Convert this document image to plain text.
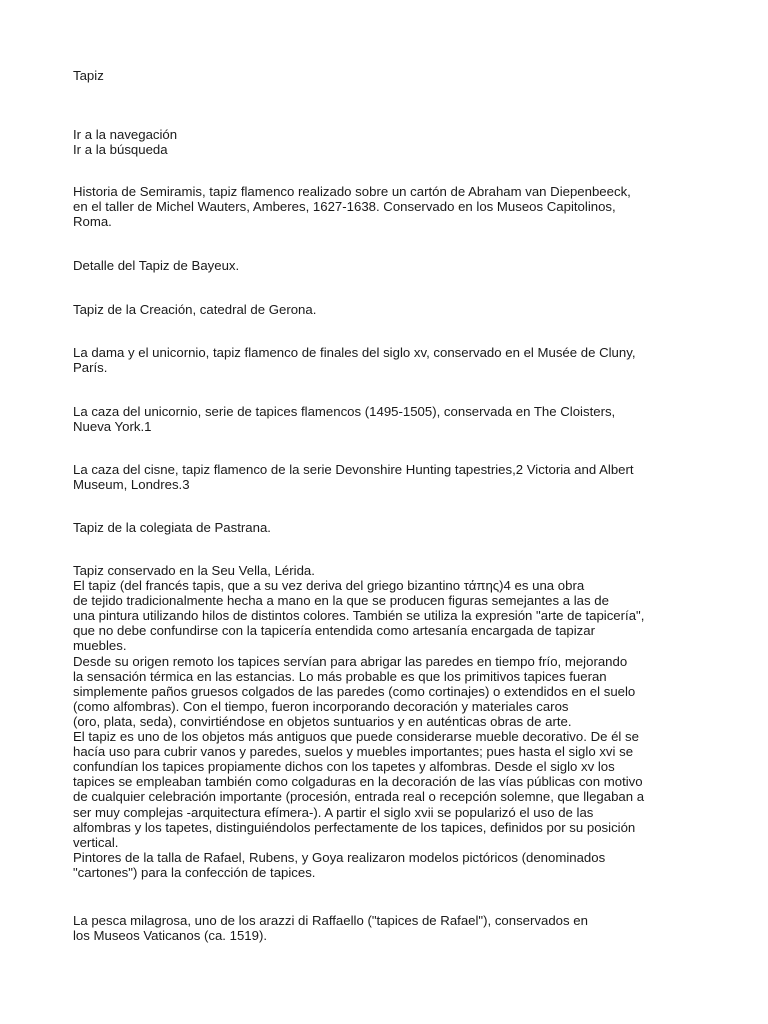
Tapiz

Ir a la navegación
Ir a la búsqueda

Historia de Semiramis, tapiz flamenco realizado sobre un cartón de Abraham van Diepenbeeck,
en el taller de Michel Wauters, Amberes, 1627-1638. Conservado en los Museos Capitolinos,
Roma.

Detalle del Tapiz de Bayeux.

Tapiz de la Creación, catedral de Gerona.

La dama y el unicornio, tapiz flamenco de finales del siglo xv, conservado en el Musée de Cluny,
París.

La caza del unicornio, serie de tapices flamencos (1495-1505), conservada en The Cloisters,
Nueva York.1

La caza del cisne, tapiz flamenco de la serie Devonshire Hunting tapestries,2 Victoria and Albert
Museum, Londres.3

Tapiz de la colegiata de Pastrana.

Tapiz conservado en la Seu Vella, Lérida.
El tapiz (del francés tapis, que a su vez deriva del griego bizantino τάπης)4 es una obra
de tejido tradicionalmente hecha a mano en la que se producen figuras semejantes a las de
una pintura utilizando hilos de distintos colores. También se utiliza la expresión "arte de tapicería",
que no debe confundirse con la tapicería entendida como artesanía encargada de tapizar
muebles.
Desde su origen remoto los tapices servían para abrigar las paredes en tiempo frío, mejorando
la sensación térmica en las estancias. Lo más probable es que los primitivos tapices fueran
simplemente paños gruesos colgados de las paredes (como cortinajes) o extendidos en el suelo
(como alfombras). Con el tiempo, fueron incorporando decoración y materiales caros
(oro, plata, seda), convirtiéndose en objetos suntuarios y en auténticas obras de arte.
El tapiz es uno de los objetos más antiguos que puede considerarse mueble decorativo. De él se
hacía uso para cubrir vanos y paredes, suelos y muebles importantes; pues hasta el siglo xvi se
confundían los tapices propiamente dichos con los tapetes y alfombras. Desde el siglo xv los
tapices se empleaban también como colgaduras en la decoración de las vías públicas con motivo
de cualquier celebración importante (procesión, entrada real o recepción solemne, que llegaban a
ser muy complejas -arquitectura efímera-). A partir el siglo xvii se popularizó el uso de las
alfombras y los tapetes, distinguiéndolos perfectamente de los tapices, definidos por su posición
vertical.
Pintores de la talla de Rafael, Rubens, y Goya realizaron modelos pictóricos (denominados
"cartones") para la confección de tapices.

La pesca milagrosa, uno de los arazzi di Raffaello ("tapices de Rafael"), conservados en
los Museos Vaticanos (ca. 1519).
